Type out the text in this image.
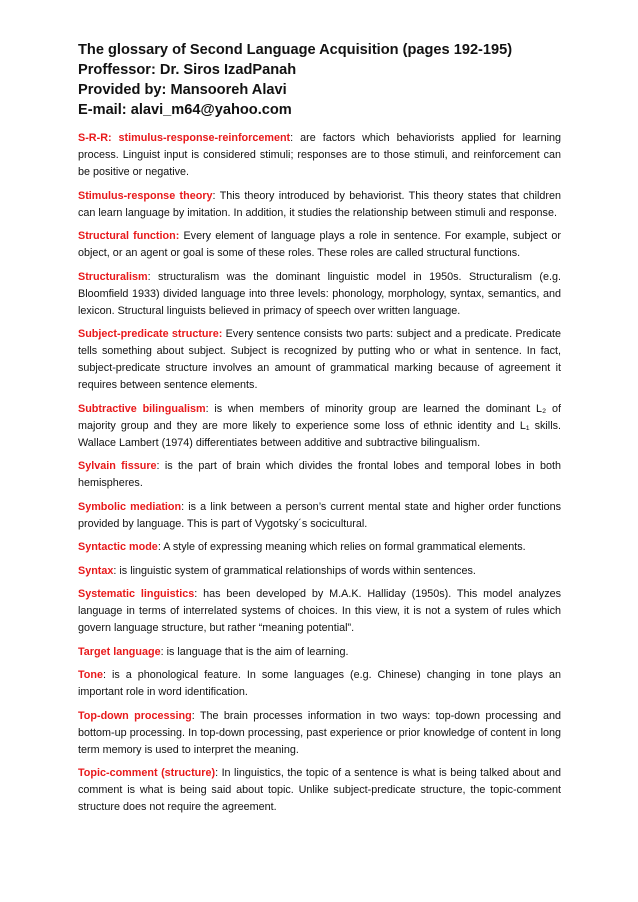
The glossary of Second Language Acquisition (pages 192-195)

Proffessor: Dr. Siros IzadPanah

Provided by: Mansooreh Alavi

E-mail: alavi_m64@yahoo.com

S-R-R: stimulus-response-reinforcement: are factors which behaviorists applied for learning process. Linguist input is considered stimuli; responses are to those stimuli, and reinforcement can be positive or negative.

Stimulus-response theory: This theory introduced by behaviorist. This theory states that children can learn language by imitation. In addition, it studies the relationship between stimuli and response.

Structural function: Every element of language plays a role in sentence. For example, subject or object, or an agent or goal is some of these roles. These roles are called structural functions.

Structuralism: structuralism was the dominant linguistic model in 1950s. Structuralism (e.g. Bloomfield 1933) divided language into three levels: phonology, morphology, syntax, semantics, and lexicon. Structural linguists believed in primacy of speech over written language.

Subject-predicate structure: Every sentence consists two parts: subject and a predicate. Predicate tells something about subject. Subject is recognized by putting who or what in sentence. In fact, subject-predicate structure involves an amount of grammatical marking because of agreement it requires between sentence elements.

Subtractive bilingualism: is when members of minority group are learned the dominant L₂ of majority group and they are more likely to experience some loss of ethnic identity and L₁ skills. Wallace Lambert (1974) differentiates between additive and subtractive bilingualism.

Sylvain fissure: is the part of brain which divides the frontal lobes and temporal lobes in both hemispheres.

Symbolic mediation: is a link between a person’s current mental state and higher order functions provided by language. This is part of Vygotsky´s socicultural.

Syntactic mode: A style of expressing meaning which relies on formal grammatical elements.

Syntax: is linguistic system of grammatical relationships of words within sentences.

Systematic linguistics: has been developed by M.A.K. Halliday (1950s). This model analyzes language in terms of interrelated systems of choices. In this view, it is not a system of rules which govern language structure, but rather “meaning potential”.

Target language: is language that is the aim of learning.

Tone: is a phonological feature. In some languages (e.g. Chinese) changing in tone plays an important role in word identification.

Top-down processing: The brain processes information in two ways: top-down processing and bottom-up processing. In top-down processing, past experience or prior knowledge of content in long term memory is used to interpret the meaning.

Topic-comment (structure): In linguistics, the topic of a sentence is what is being talked about and comment is what is being said about topic. Unlike subject-predicate structure, the topic-comment structure does not require the agreement.
